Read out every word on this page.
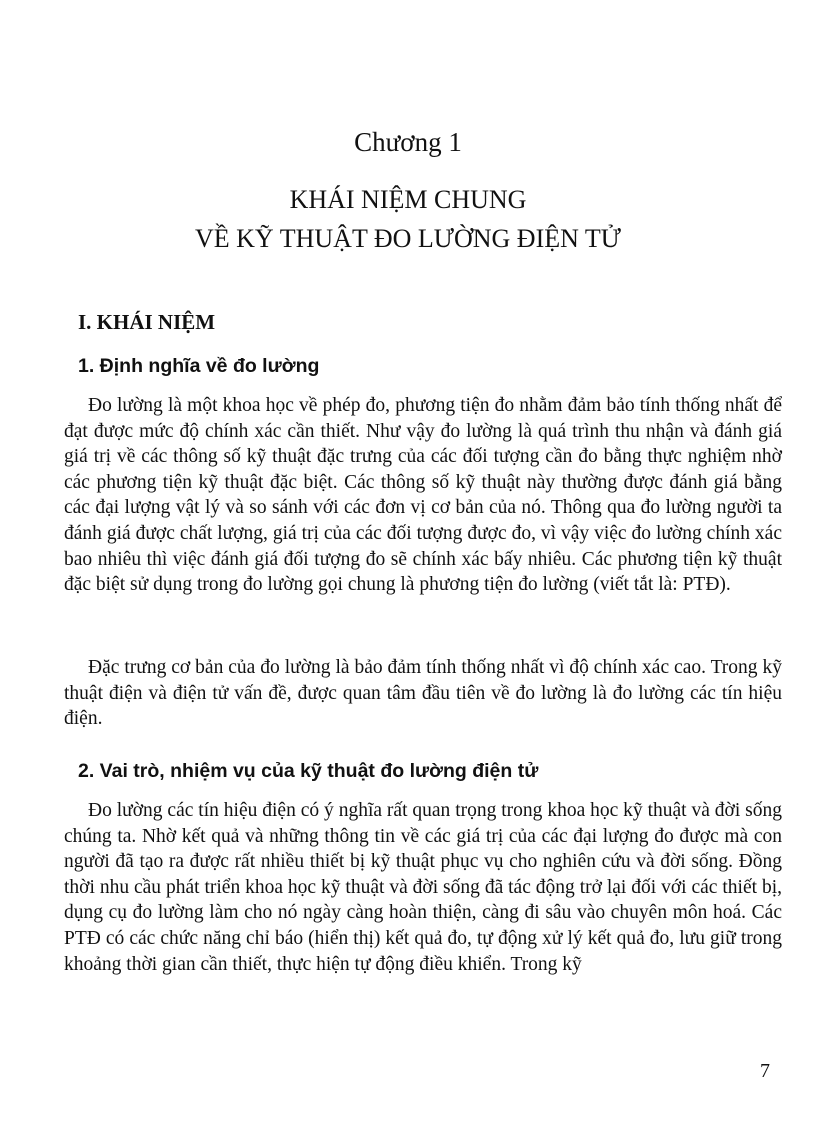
Chương 1
KHÁI NIỆM CHUNG
VỀ KỸ THUẬT ĐO LƯỜNG ĐIỆN TỬ
I. KHÁI NIỆM
1. Định nghĩa về đo lường
Đo lường là một khoa học về phép đo, phương tiện đo nhằm đảm bảo tính thống nhất để đạt được mức độ chính xác cần thiết. Như vậy đo lường là quá trình thu nhận và đánh giá giá trị về các thông số kỹ thuật đặc trưng của các đối tượng cần đo bằng thực nghiệm nhờ các phương tiện kỹ thuật đặc biệt. Các thông số kỹ thuật này thường được đánh giá bằng các đại lượng vật lý và so sánh với các đơn vị cơ bản của nó. Thông qua đo lường người ta đánh giá được chất lượng, giá trị của các đối tượng được đo, vì vậy việc đo lường chính xác bao nhiêu thì việc đánh giá đối tượng đo sẽ chính xác bấy nhiêu. Các phương tiện kỹ thuật đặc biệt sử dụng trong đo lường gọi chung là phương tiện đo lường (viết tắt là: PTĐ).
Đặc trưng cơ bản của đo lường là bảo đảm tính thống nhất vì độ chính xác cao. Trong kỹ thuật điện và điện tử vấn đề, được quan tâm đầu tiên về đo lường là đo lường các tín hiệu điện.
2. Vai trò, nhiệm vụ của kỹ thuật đo lường điện tử
Đo lường các tín hiệu điện có ý nghĩa rất quan trọng trong khoa học kỹ thuật và đời sống chúng ta. Nhờ kết quả và những thông tin về các giá trị của các đại lượng đo được mà con người đã tạo ra được rất nhiều thiết bị kỹ thuật phục vụ cho nghiên cứu và đời sống. Đồng thời nhu cầu phát triển khoa học kỹ thuật và đời sống đã tác động trở lại đối với các thiết bị, dụng cụ đo lường làm cho nó ngày càng hoàn thiện, càng đi sâu vào chuyên môn hoá. Các PTĐ có các chức năng chỉ báo (hiển thị) kết quả đo, tự động xử lý kết quả đo, lưu giữ trong khoảng thời gian cần thiết, thực hiện tự động điều khiển. Trong kỹ
7
